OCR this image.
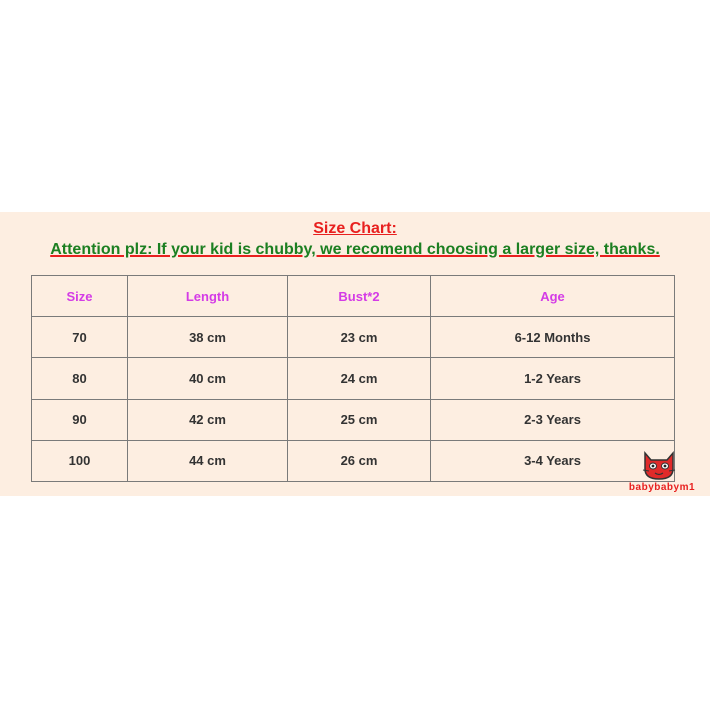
Size Chart:
Attention plz: If your kid is chubby, we recomend choosing a larger size, thanks.
Size	Length	Bust*2	Age
70	38 cm	23 cm	6-12 Months
80	40 cm	24 cm	1-2 Years
90	42 cm	25 cm	2-3 Years
100	44 cm	26 cm	3-4 Years
babybabym1
